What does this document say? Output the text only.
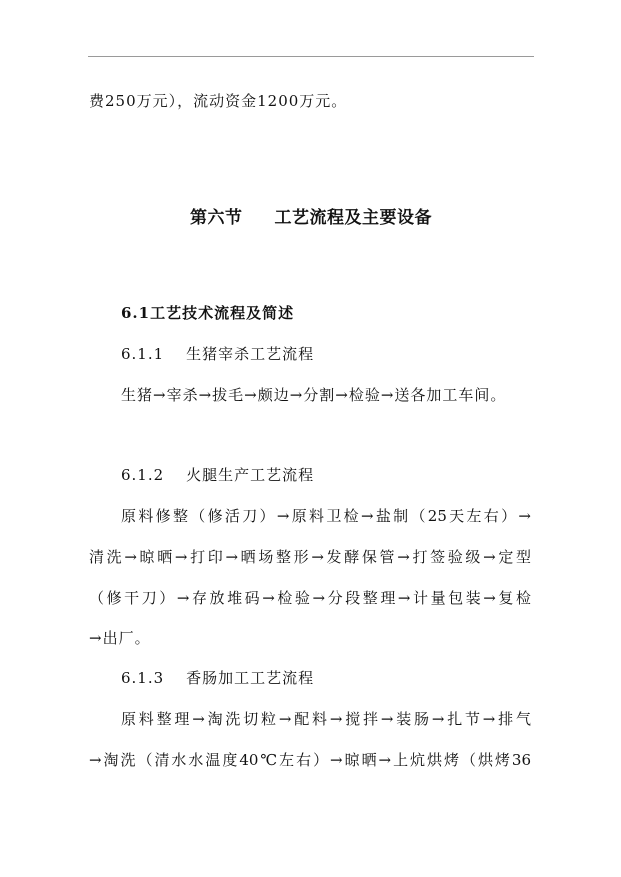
费250万元），流动资金1200万元。
第六节 工艺流程及主要设备
6.1工艺技术流程及简述
6.1.1 生猪宰杀工艺流程
生猪→宰杀→拔毛→颇边→分割→检验→送各加工车间。
6.1.2 火腿生产工艺流程
原料修整（修活刀）→原料卫检→盐制（25天左右）→
清洗→晾晒→打印→晒场整形→发酵保管→打签验级→定型
（修干刀）→存放堆码→检验→分段整理→计量包装→复检
→出厂。
6.1.3 香肠加工工艺流程
原料整理→淘洗切粒→配料→搅拌→装肠→扎节→排气
→淘洗（清水水温度40℃左右）→晾晒→上炕烘烤（烘烤36
